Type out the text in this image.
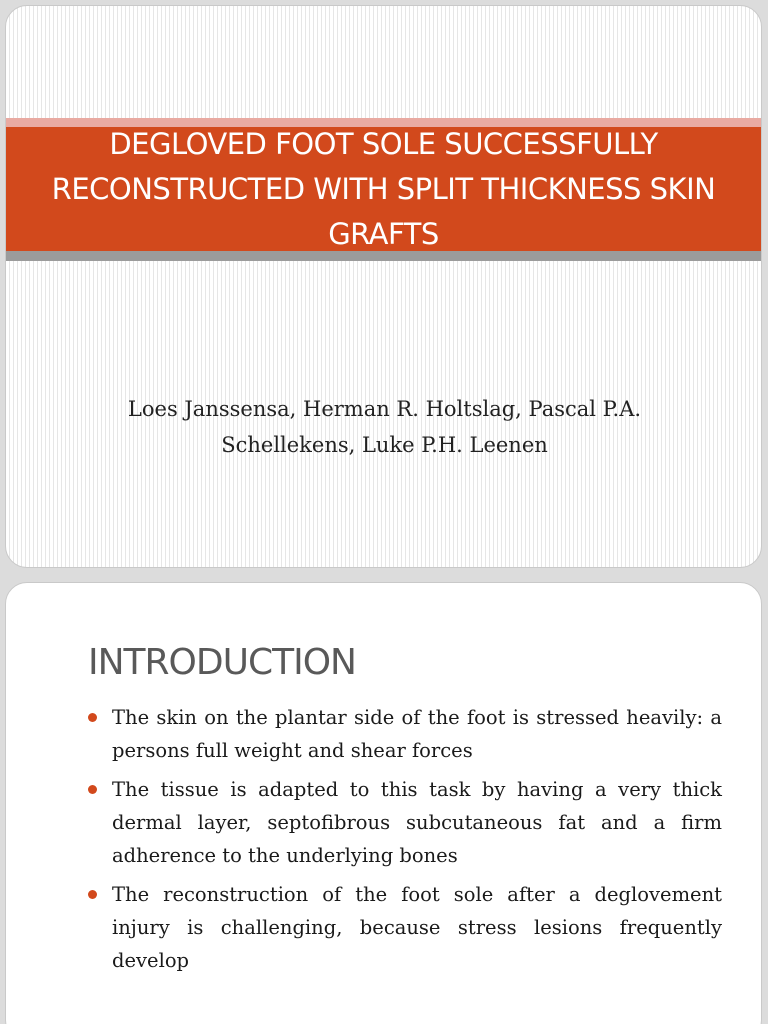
DEGLOVED FOOT SOLE SUCCESSFULLY RECONSTRUCTED WITH SPLIT THICKNESS SKIN GRAFTS
Loes Janssensa, Herman R. Holtslag, Pascal P.A. Schellekens, Luke P.H. Leenen
INTRODUCTION
The skin on the plantar side of the foot is stressed heavily: a persons full weight and shear forces
The tissue is adapted to this task by having a very thick dermal layer, septofibrous subcutaneous fat and a firm adherence to the underlying bones
The reconstruction of the foot sole after a deglovement injury is challenging, because stress lesions frequently develop
